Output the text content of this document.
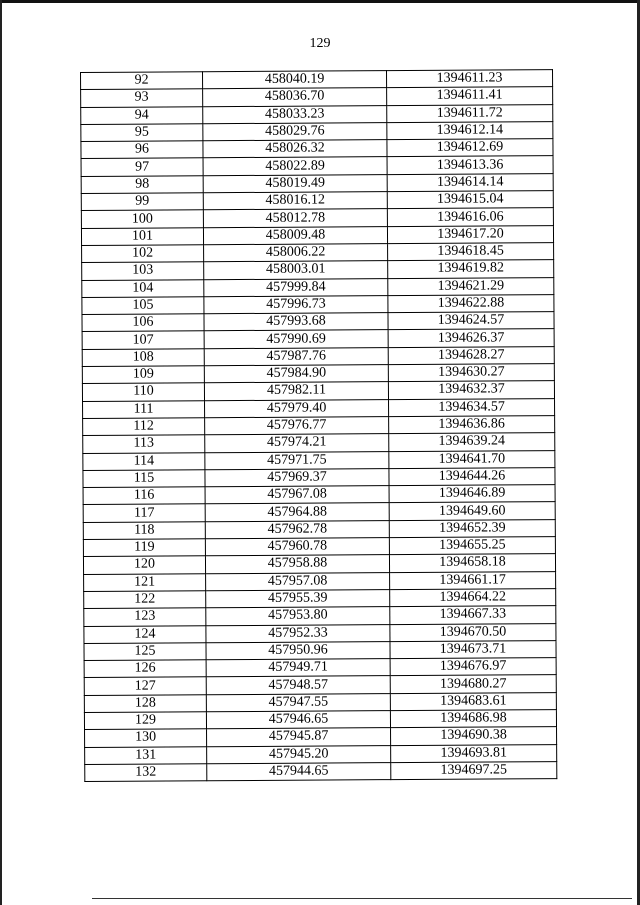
129
92	458040.19	1394611.23
93	458036.70	1394611.41
94	458033.23	1394611.72
95	458029.76	1394612.14
96	458026.32	1394612.69
97	458022.89	1394613.36
98	458019.49	1394614.14
99	458016.12	1394615.04
100	458012.78	1394616.06
101	458009.48	1394617.20
102	458006.22	1394618.45
103	458003.01	1394619.82
104	457999.84	1394621.29
105	457996.73	1394622.88
106	457993.68	1394624.57
107	457990.69	1394626.37
108	457987.76	1394628.27
109	457984.90	1394630.27
110	457982.11	1394632.37
111	457979.40	1394634.57
112	457976.77	1394636.86
113	457974.21	1394639.24
114	457971.75	1394641.70
115	457969.37	1394644.26
116	457967.08	1394646.89
117	457964.88	1394649.60
118	457962.78	1394652.39
119	457960.78	1394655.25
120	457958.88	1394658.18
121	457957.08	1394661.17
122	457955.39	1394664.22
123	457953.80	1394667.33
124	457952.33	1394670.50
125	457950.96	1394673.71
126	457949.71	1394676.97
127	457948.57	1394680.27
128	457947.55	1394683.61
129	457946.65	1394686.98
130	457945.87	1394690.38
131	457945.20	1394693.81
132	457944.65	1394697.25
